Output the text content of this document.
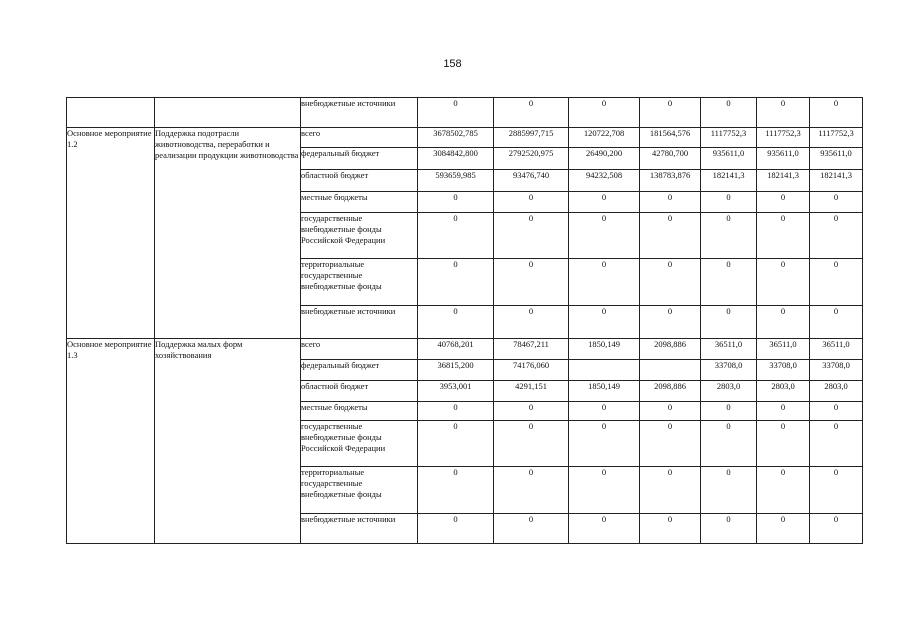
158
		внебюджетные источники	0	0	0	0	0	0	0
Основное мероприятие 1.2	Поддержка подотрасли животноводства, переработки и реализации продукции животноводства	всего	3678502,785	2885997,715	120722,708	181564,576	1117752,3	1117752,3	1117752,3
		федеральный бюджет	3084842,800	2792520,975	26490,200	42780,700	935611,0	935611,0	935611,0
		областной бюджет	593659,985	93476,740	94232,508	138783,876	182141,3	182141,3	182141,3
		местные бюджеты	0	0	0	0	0	0	0
		государственные внебюджетные фонды Российской Федерации	0	0	0	0	0	0	0
		территориальные государственные внебюджетные фонды	0	0	0	0	0	0	0
		внебюджетные источники	0	0	0	0	0	0	0
Основное мероприятие 1.3	Поддержка малых форм хозяйствования	всего	40768,201	78467,211	1850,149	2098,886	36511,0	36511,0	36511,0
		федеральный бюджет	36815,200	74176,060			33708,0	33708,0	33708,0
		областной бюджет	3953,001	4291,151	1850,149	2098,886	2803,0	2803,0	2803,0
		местные бюджеты	0	0	0	0	0	0	0
		государственные внебюджетные фонды Российской Федерации	0	0	0	0	0	0	0
		территориальные государственные внебюджетные фонды	0	0	0	0	0	0	0
		внебюджетные источники	0	0	0	0	0	0	0
